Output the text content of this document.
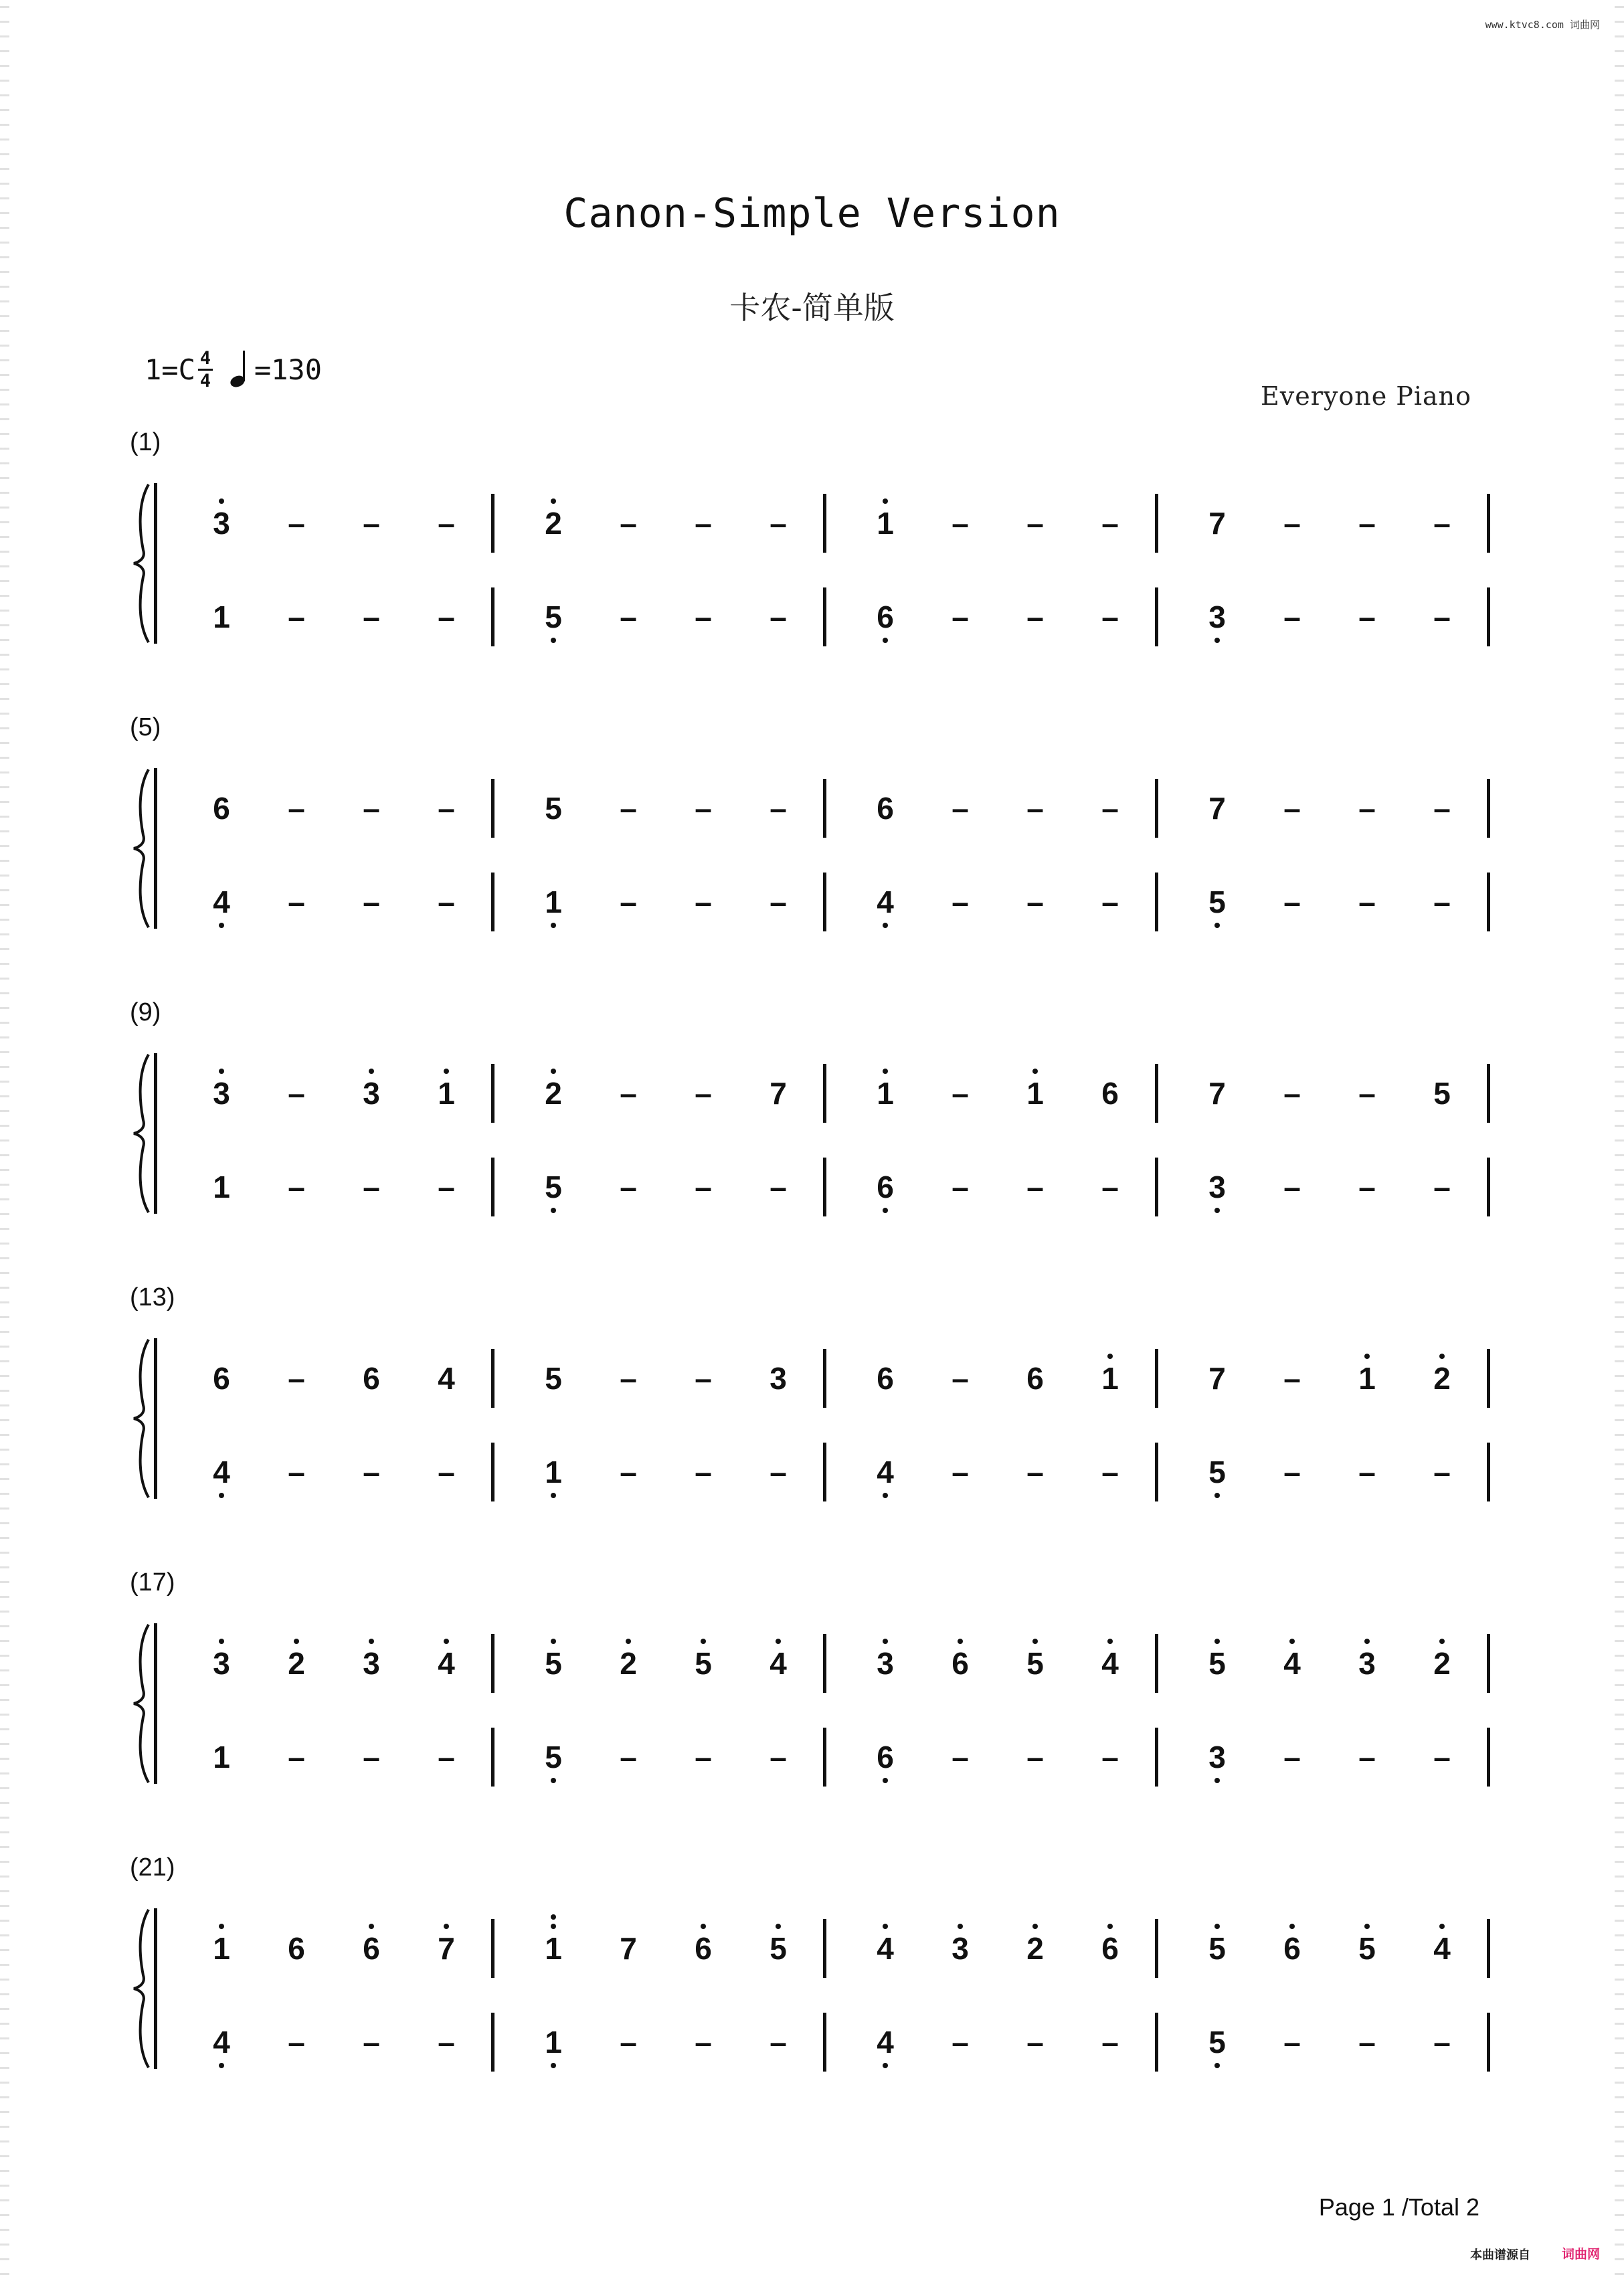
www.ktvc8.com 词曲网
Canon-Simple Version
卡农-简单版
$1=C \frac{4}{4} =130$
Everyone Piano
(1)
3 – – –	2 – – –	1 – – –	7 – – –
1 – – –	5 – – –	6 – – –	3 – – –
(5)
6 – – –	5 – – –	6 – – –	7 – – –
4 – – –	1 – – –	4 – – –	5 – – –
(9)
3 – 3 1	2 – – 7	1 – 1 6	7 – – 5
1 – – –	5 – – –	6 – – –	3 – – –
(13)
6 – 6 4	5 – – 3	6 – 6 1	7 – 1 2
4 – – –	1 – – –	4 – – –	5 – – –
(17)
3 2 3 4	5 2 5 4	3 6 5 4	5 4 3 2
1 – – –	5 – – –	6 – – –	3 – – –
(21)
1 6 6 7	1 7 6 5	4 3 2 6	5 6 5 4
4 – – –	1 – – –	4 – – –	5 – – –
Page 1 /Total 2
本曲谱源自 词曲网
